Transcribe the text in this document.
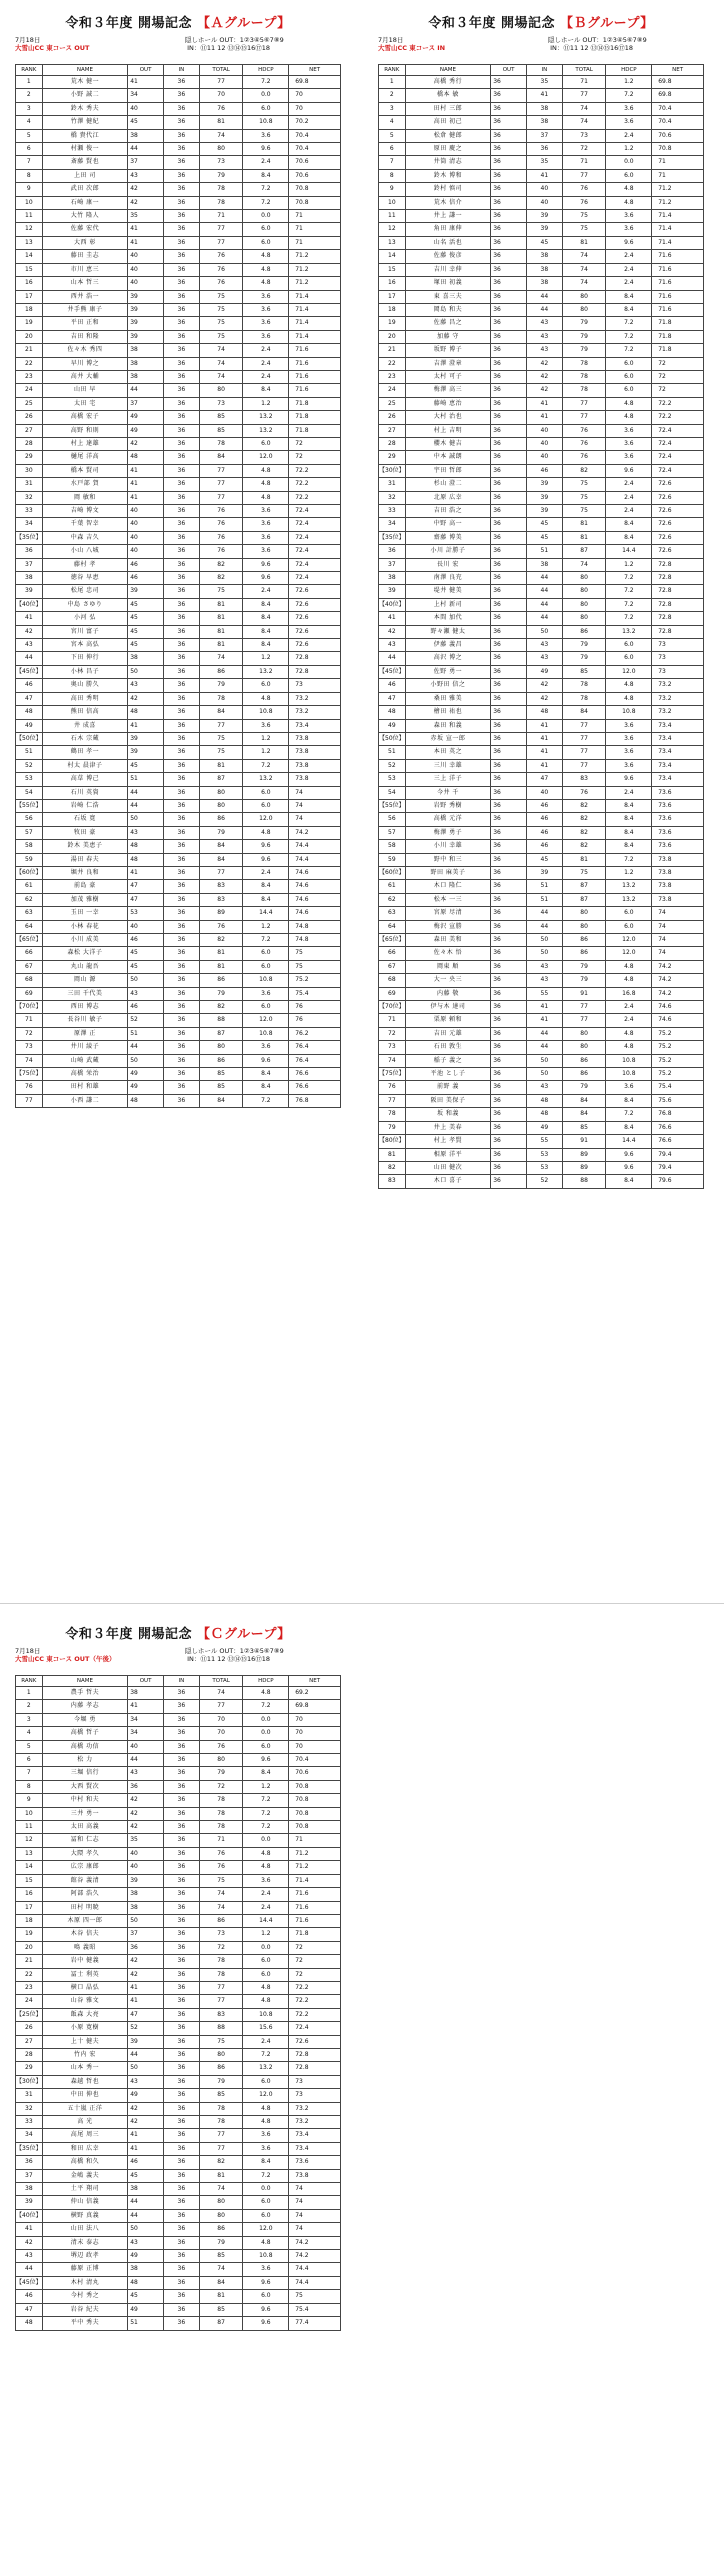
令和３年度 開場記念 【Ａグループ】
7月18日
大雪山CC 東コース OUT
隠しホール OUT：1②3④5⑥7⑧9
IN：⑪11 12 ⑬⑭⑮16⑰18
RANK	NAME	OUT	IN	TOTAL	HDCP	NET
1	荒木 健一	41	36	77	7.2	69.8
2	小野 誠二	34	36	70	0.0	70
3	鈴木 秀夫	40	36	76	6.0	70
4	竹澤 健紀	45	36	81	10.8	70.2
5	橋 貴代江	38	36	74	3.6	70.4
6	村瀬 俊一	44	36	80	9.6	70.4
7	斎藤 賢也	37	36	73	2.4	70.6
8	上田 司	43	36	79	8.4	70.6
9	武田 次郎	42	36	78	7.2	70.8
10	石崎 康一	42	36	78	7.2	70.8
11	大竹 隆人	35	36	71	0.0	71
12	佐藤 宏代	41	36	77	6.0	71
13	大西 彰	41	36	77	6.0	71
14	藤田 圭志	40	36	76	4.8	71.2
15	市川 恵三	40	36	76	4.8	71.2
16	山本 哲三	40	36	76	4.8	71.2
17	西井 浩一	39	36	75	3.6	71.4
18	井手熊 康子	39	36	75	3.6	71.4
19	平田 正和	39	36	75	3.6	71.4
20	吉田 和隆	39	36	75	3.6	71.4
21	佐々木 秀四	38	36	74	2.4	71.6
22	早川 博之	38	36	74	2.4	71.6
23	高井 大輔	38	36	74	2.4	71.6
24	山田 早	44	36	80	8.4	71.6
25	太田 宅	37	36	73	1.2	71.8
26	高橋 宏子	49	36	85	13.2	71.8
27	高野 和則	49	36	85	13.2	71.8
28	村上 達雄	42	36	78	6.0	72
29	樋尾 洋高	48	36	84	12.0	72
30	橋本 賢司	41	36	77	4.8	72.2
31	水戸部 賀	41	36	77	4.8	72.2
32	岡 敏和	41	36	77	4.8	72.2
33	吉崎 博文	40	36	76	3.6	72.4
34	千葉 智幸	40	36	76	3.6	72.4
【35位】	中森 吉久	40	36	76	3.6	72.4
36	小山 八城	40	36	76	3.6	72.4
37	藤村 孝	46	36	82	9.6	72.4
38	徳谷 早恵	46	36	82	9.6	72.4
39	松尾 忠司	39	36	75	2.4	72.6
【40位】	中島 さゆり	45	36	81	8.4	72.6
41	小河 弘	45	36	81	8.4	72.6
42	宮川 富子	45	36	81	8.4	72.6
43	宮本 高弘	45	36	81	8.4	72.6
44	下田 伸行	38	36	74	1.2	72.8
【45位】	小林 昌子	50	36	86	13.2	72.8
46	奥山 勝久	43	36	79	6.0	73
47	高田 秀明	42	36	78	4.8	73.2
48	熊田 信高	48	36	84	10.8	73.2
49	井 成喜	41	36	77	3.6	73.4
【50位】	石木 宗蔵	39	36	75	1.2	73.8
51	鶴田 孝一	39	36	75	1.2	73.8
52	村太 晨津子	45	36	81	7.2	73.8
53	高草 博己	51	36	87	13.2	73.8
54	石川 英資	44	36	80	6.0	74
【55位】	岩崎 仁浩	44	36	80	6.0	74
56	石坂 寛	50	36	86	12.0	74
57	牧田 豪	43	36	79	4.8	74.2
58	鈴木 美恵子	48	36	84	9.6	74.4
59	湯田 春夫	48	36	84	9.6	74.4
【60位】	堀井 良和	41	36	77	2.4	74.6
61	前島 豪	47	36	83	8.4	74.6
62	加茂 雅樹	47	36	83	8.4	74.6
63	玉田 一幸	53	36	89	14.4	74.6
64	小林 春花	40	36	76	1.2	74.8
【65位】	小川 成美	46	36	82	7.2	74.8
66	森松 大洋子	45	36	81	6.0	75
67	丸山 龍吾	45	36	81	6.0	75
68	岡山 源	50	36	86	10.8	75.2
69	三田 千代美	43	36	79	3.6	75.4
【70位】	西田 博志	46	36	82	6.0	76
71	長谷川 敏子	52	36	88	12.0	76
72	原澤 正	51	36	87	10.8	76.2
73	井川 綾子	44	36	80	3.6	76.4
74	山崎 武蔵	50	36	86	9.6	76.4
【75位】	高橋 栄治	49	36	85	8.4	76.6
76	田村 和雄	49	36	85	8.4	76.6
77	小西 謙二	48	36	84	7.2	76.8
令和３年度 開場記念 【Ｂグループ】
7月18日
大雪山CC 東コース IN
隠しホール OUT：1②3④5⑥7⑧9
IN：⑪11 12 ⑬⑭⑮16⑰18
RANK	NAME	OUT	IN	TOTAL	HDCP	NET
1	高橋 秀行	36	35	71	1.2	69.8
2	橋本 敏	36	41	77	7.2	69.8
3	田村 三郎	36	38	74	3.6	70.4
4	高田 初己	36	38	74	3.6	70.4
5	松倉 健郎	36	37	73	2.4	70.6
6	原田 慶之	36	36	72	1.2	70.8
7	井筒 清志	36	35	71	0.0	71
8	鈴木 博和	36	41	77	6.0	71
9	鈴村 慎司	36	40	76	4.8	71.2
10	荒木 信介	36	40	76	4.8	71.2
11	井上 謙一	36	39	75	3.6	71.4
12	角田 康伸	36	39	75	3.6	71.4
13	山名 活也	36	45	81	9.6	71.4
14	佐藤 俊彦	36	38	74	2.4	71.6
15	吉川 幸伸	36	38	74	2.4	71.6
16	塚田 初義	36	38	74	2.4	71.6
17	東 喜三夫	36	44	80	8.4	71.6
18	岡島 和夫	36	44	80	8.4	71.6
19	佐藤 昌之	36	43	79	7.2	71.8
20	加藤 守	36	43	79	7.2	71.8
21	坂野 博子	36	43	79	7.2	71.8
22	吉澤 澄章	36	42	78	6.0	72
23	太村 可子	36	42	78	6.0	72
24	梅澤 高三	36	42	78	6.0	72
25	藤崎 恵治	36	41	77	4.8	72.2
26	大村 治也	36	41	77	4.8	72.2
27	村上 吉明	36	40	76	3.6	72.4
28	櫻木 健吉	36	40	76	3.6	72.4
29	中本 誠朗	36	40	76	3.6	72.4
【30位】	宇田 哲郎	36	46	82	9.6	72.4
31	杉山 澄二	36	39	75	2.4	72.6
32	北原 広幸	36	39	75	2.4	72.6
33	吉田 浩之	36	39	75	2.4	72.6
34	中野 高一	36	45	81	8.4	72.6
【35位】	齋藤 博美	36	45	81	8.4	72.6
36	小川 計勝子	36	51	87	14.4	72.6
37	長川 宏	36	38	74	1.2	72.8
38	南澤 良充	36	44	80	7.2	72.8
39	堤井 健美	36	44	80	7.2	72.8
【40位】	上村 新司	36	44	80	7.2	72.8
41	本間 加代	36	44	80	7.2	72.8
42	野々瀬 健太	36	50	86	13.2	72.8
43	伊藤 義昌	36	43	79	6.0	73
44	高沢 博之	36	43	79	6.0	73
【45位】	佐野 勇一	36	49	85	12.0	73
46	小野田 信之	36	42	78	4.8	73.2
47	桑田 雅美	36	42	78	4.8	73.2
48	檜田 祐也	36	48	84	10.8	73.2
49	森田 和義	36	41	77	3.6	73.4
【50位】	赤坂 宣一郎	36	41	77	3.6	73.4
51	本田 英之	36	41	77	3.6	73.4
52	三川 幸雄	36	41	77	3.6	73.4
53	三上 洋子	36	47	83	9.6	73.4
54	今井 千	36	40	76	2.4	73.6
【55位】	岩野 秀樹	36	46	82	8.4	73.6
56	高橋 元洋	36	46	82	8.4	73.6
57	梅澤 勇子	36	46	82	8.4	73.6
58	小川 幸雄	36	46	82	8.4	73.6
59	野中 和三	36	45	81	7.2	73.8
【60位】	野田 麻美子	36	39	75	1.2	73.8
61	木口 隆仁	36	51	87	13.2	73.8
62	松本 一三	36	51	87	13.2	73.8
63	宮原 尽清	36	44	80	6.0	74
64	梅沢 宣勝	36	44	80	6.0	74
【65位】	森田 美和	36	50	86	12.0	74
66	佐々木 悟	36	50	86	12.0	74
67	岡東 順	36	43	79	4.8	74.2
68	大一 央三	36	43	79	4.8	74.2
69	内藤 敬	36	55	91	16.8	74.2
【70位】	伊与木 達司	36	41	77	2.4	74.6
71	栗原 頼和	36	41	77	2.4	74.6
72	吉田 元雄	36	44	80	4.8	75.2
73	石田 敦生	36	44	80	4.8	75.2
74	稲子 義之	36	50	86	10.8	75.2
【75位】	平池 とし子	36	50	86	10.8	75.2
76	前野 義	36	43	79	3.6	75.4
77	阪田 美保子	36	48	84	8.4	75.6
78	坂 和義	36	48	84	7.2	76.8
79	井上 美春	36	49	85	8.4	76.6
【80位】	村上 孝賢	36	55	91	14.4	76.6
81	相原 洋平	36	53	89	9.6	79.4
82	山田 健次	36	53	89	9.6	79.4
83	木口 喜子	36	52	88	8.4	79.6
令和３年度 開場記念 【Ｃグループ】
7月18日
大雪山CC 東コース OUT（午後）
隠しホール OUT：1②3④5⑥7⑧9
IN：⑪11 12 ⑬⑭⑮16⑰18
RANK	NAME	OUT	IN	TOTAL	HDCP	NET
1	農手 哲夫	38	36	74	4.8	69.2
2	内藤 孝志	41	36	77	7.2	69.8
3	今堀 勇	34	36	70	0.0	70
4	高橋 哲子	34	36	70	0.0	70
5	高橋 功信	40	36	76	6.0	70
6	松 力	44	36	80	9.6	70.4
7	三堀 信行	43	36	79	8.4	70.6
8	大西 賢次	36	36	72	1.2	70.8
9	中村 和夫	42	36	78	7.2	70.8
10	三井 勇一	42	36	78	7.2	70.8
11	太田 高義	42	36	78	7.2	70.8
12	冨和 仁志	35	36	71	0.0	71
13	大隈 孝久	40	36	76	4.8	71.2
14	広宗 康郎	40	36	76	4.8	71.2
15	館谷 義清	39	36	75	3.6	71.4
16	阿部 浩久	38	36	74	2.4	71.6
17	田村 明暁	38	36	74	2.4	71.6
18	木原 四一郎	50	36	86	14.4	71.6
19	木谷 信夫	37	36	73	1.2	71.8
20	鳴 義昭	36	36	72	0.0	72
21	岩中 健義	42	36	78	6.0	72
22	冨士 利英	42	36	78	6.0	72
23	横口 晶弘	41	36	77	4.8	72.2
24	山谷 雅文	41	36	77	4.8	72.2
【25位】	飯森 大亮	47	36	83	10.8	72.2
26	小原 寛樹	52	36	88	15.6	72.4
27	上十 健夫	39	36	75	2.4	72.6
28	竹内 宏	44	36	80	7.2	72.8
29	山本 秀一	50	36	86	13.2	72.8
【30位】	森越 哲也	43	36	79	6.0	73
31	中田 伸也	49	36	85	12.0	73
32	五十嵐 正洋	42	36	78	4.8	73.2
33	高 光	42	36	78	4.8	73.2
34	高尾 周三	41	36	77	3.6	73.4
【35位】	和田 広幸	41	36	77	3.6	73.4
36	高橋 和久	46	36	82	8.4	73.6
37	金嶋 義夫	45	36	81	7.2	73.8
38	土平 翔司	38	36	74	0.0	74
39	仲山 信義	44	36	80	6.0	74
【40位】	横野 真義	44	36	80	6.0	74
41	山田 法八	50	36	86	12.0	74
42	清末 泰志	43	36	79	4.8	74.2
43	堺辺 政孝	49	36	85	10.8	74.2
44	藤原 正博	38	36	74	3.6	74.4
【45位】	木村 清丸	48	36	84	9.6	74.4
46	今村 秀之	45	36	81	6.0	75
47	岩谷 紀夫	49	36	85	9.6	75.4
48	平中 秀夫	51	36	87	9.6	77.4
